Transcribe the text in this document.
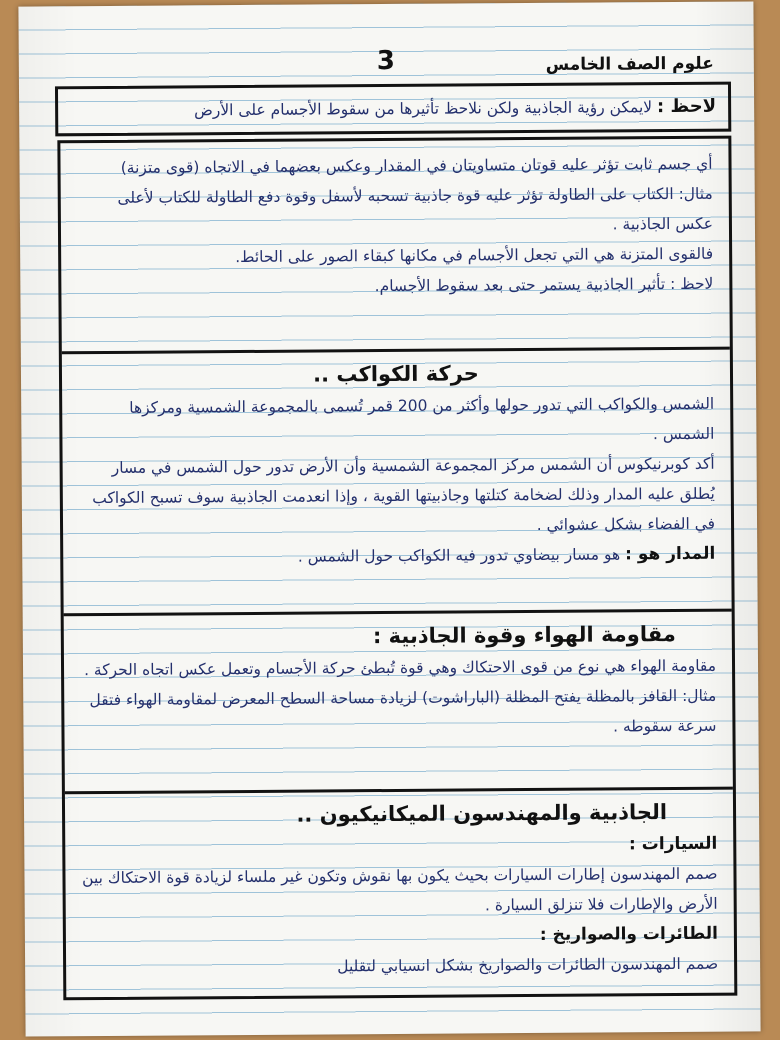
3	علوم الصف الخامس

لاحظ : لايمكن رؤية الجاذبية ولكن نلاحظ تأثيرها من سقوط الأجسام على الأرض

أي جسم ثابت تؤثر عليه قوتان متساويتان في المقدار وعكس بعضهما في الاتجاه (قوى متزنة)

مثال: الكتاب على الطاولة تؤثر عليه قوة جاذبية تسحبه لأسفل وقوة دفع الطاولة للكتاب لأعلى عكس الجاذبية .

فالقوى المتزنة هي التي تجعل الأجسام في مكانها كبقاء الصور على الحائط.

لاحظ : تأثير الجاذبية يستمر حتى بعد سقوط الأجسام.

حركة الكواكب ..

الشمس والكواكب التي تدور حولها وأكثر من 200 قمر تُسمى بالمجموعة الشمسية ومركزها الشمس .

أكد كوبرنيكوس أن الشمس مركز المجموعة الشمسية وأن الأرض تدور حول الشمس في مسار يُطلق عليه المدار وذلك لضخامة كتلتها وجاذبيتها القوية ، وإذا انعدمت الجاذبية سوف تسبح الكواكب في الفضاء بشكل عشوائي .

المدار هو : هو مسار بيضاوي تدور فيه الكواكب حول الشمس .

مقاومة الهواء وقوة الجاذبية :

مقاومة الهواء هي نوع من قوى الاحتكاك وهي قوة تُبطئ حركة الأجسام وتعمل عكس اتجاه الحركة .

مثال: القافز بالمظلة يفتح المظلة (الباراشوت) لزيادة مساحة السطح المعرض لمقاومة الهواء فتقل سرعة سقوطه .

الجاذبية والمهندسون الميكانيكيون ..

السيارات :

صمم المهندسون إطارات السيارات بحيث يكون بها نقوش وتكون غير ملساء لزيادة قوة الاحتكاك بين الأرض والإطارات فلا تنزلق السيارة .

الطائرات والصواريخ :

صمم المهندسون الطائرات والصواريخ بشكل انسيابي لتقليل
